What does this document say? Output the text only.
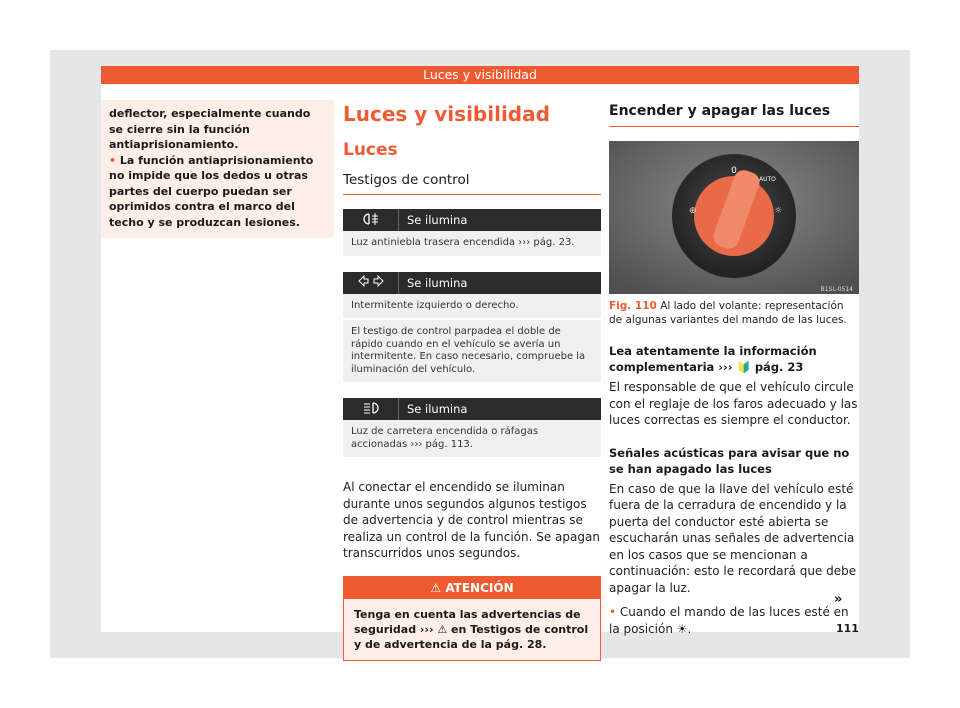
Luces y visibilidad
deflector, especialmente cuando se cierre sin la función antiaprisionamiento.
• La función antiaprisionamiento no impide que los dedos u otras partes del cuerpo puedan ser oprimidos contra el marco del techo y se produzcan lesiones.
Luces y visibilidad
Luces
Testigos de control
Se ilumina
Luz antiniebla trasera encendida ››› pág. 23.
Se ilumina
Intermitente izquierdo o derecho.
El testigo de control parpadea el doble de rápido cuando en el vehículo se avería un intermitente. En caso necesario, compruebe la iluminación del vehículo.
Se ilumina
Luz de carretera encendida o ráfagas accionadas ››› pág. 113.
Al conectar el encendido se iluminan durante unos segundos algunos testigos de advertencia y de control mientras se realiza un control de la función. Se apagan transcurridos unos segundos.
⚠ ATENCIÓN
Tenga en cuenta las advertencias de seguridad ››› ⚠ en Testigos de control y de advertencia de la pág. 28.
Encender y apagar las luces
0
AUTO
⊕	☼
B1SL-0514
Fig. 110 Al lado del volante: representación de algunas variantes del mando de las luces.
Lea atentamente la información complementaria ››› 🔰 pág. 23
El responsable de que el vehículo circule con el reglaje de los faros adecuado y las luces correctas es siempre el conductor.
Señales acústicas para avisar que no se han apagado las luces
En caso de que la llave del vehículo esté fuera de la cerradura de encendido y la puerta del conductor esté abierta se escucharán unas señales de advertencia en los casos que se mencionan a continuación: esto le recordará que debe apagar la luz.
• Cuando el mando de las luces esté en la posición ☀︎.
»
111
